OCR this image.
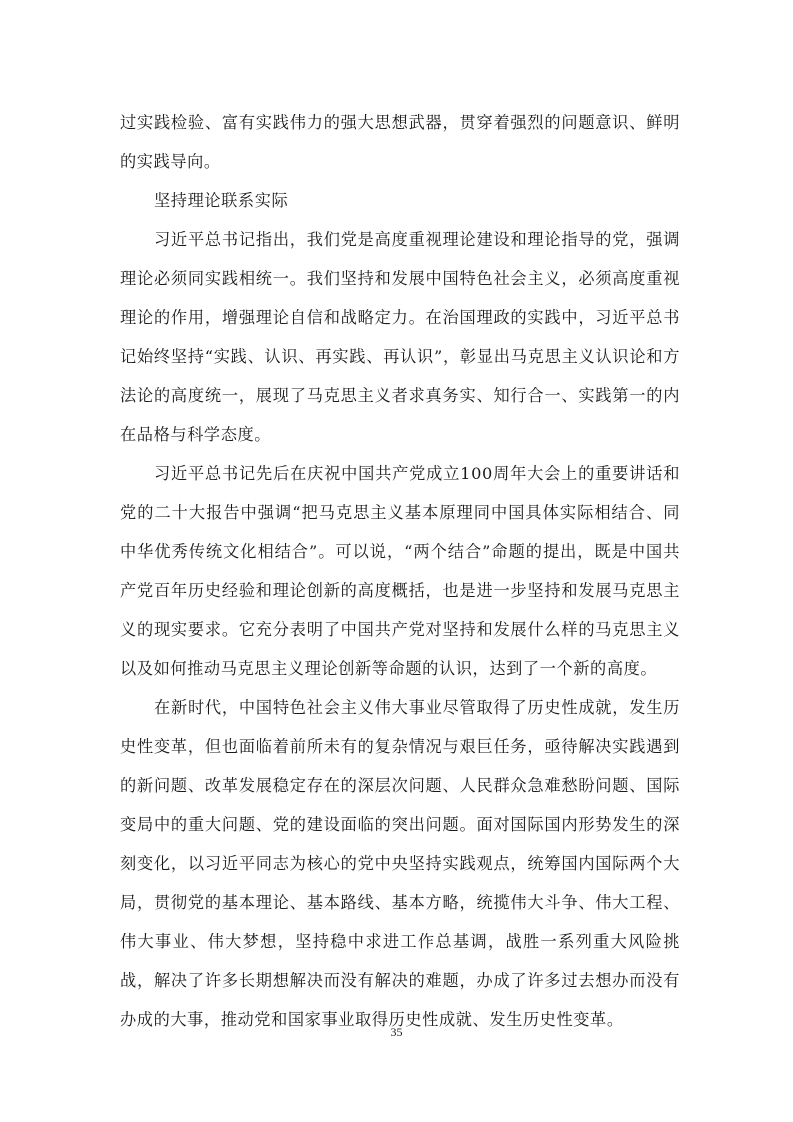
过实践检验、富有实践伟力的强大思想武器，贯穿着强烈的问题意识、鲜明的实践导向。

坚持理论联系实际

习近平总书记指出，我们党是高度重视理论建设和理论指导的党，强调理论必须同实践相统一。我们坚持和发展中国特色社会主义，必须高度重视理论的作用，增强理论自信和战略定力。在治国理政的实践中，习近平总书记始终坚持“实践、认识、再实践、再认识”，彰显出马克思主义认识论和方法论的高度统一，展现了马克思主义者求真务实、知行合一、实践第一的内在品格与科学态度。

习近平总书记先后在庆祝中国共产党成立100周年大会上的重要讲话和党的二十大报告中强调“把马克思主义基本原理同中国具体实际相结合、同中华优秀传统文化相结合”。可以说，“两个结合”命题的提出，既是中国共产党百年历史经验和理论创新的高度概括，也是进一步坚持和发展马克思主义的现实要求。它充分表明了中国共产党对坚持和发展什么样的马克思主义以及如何推动马克思主义理论创新等命题的认识，达到了一个新的高度。

在新时代，中国特色社会主义伟大事业尽管取得了历史性成就，发生历史性变革，但也面临着前所未有的复杂情况与艰巨任务，亟待解决实践遇到的新问题、改革发展稳定存在的深层次问题、人民群众急难愁盼问题、国际变局中的重大问题、党的建设面临的突出问题。面对国际国内形势发生的深刻变化，以习近平同志为核心的党中央坚持实践观点，统筹国内国际两个大局，贯彻党的基本理论、基本路线、基本方略，统揽伟大斗争、伟大工程、伟大事业、伟大梦想，坚持稳中求进工作总基调，战胜一系列重大风险挑战，解决了许多长期想解决而没有解决的难题，办成了许多过去想办而没有办成的大事，推动党和国家事业取得历史性成就、发生历史性变革。

35
